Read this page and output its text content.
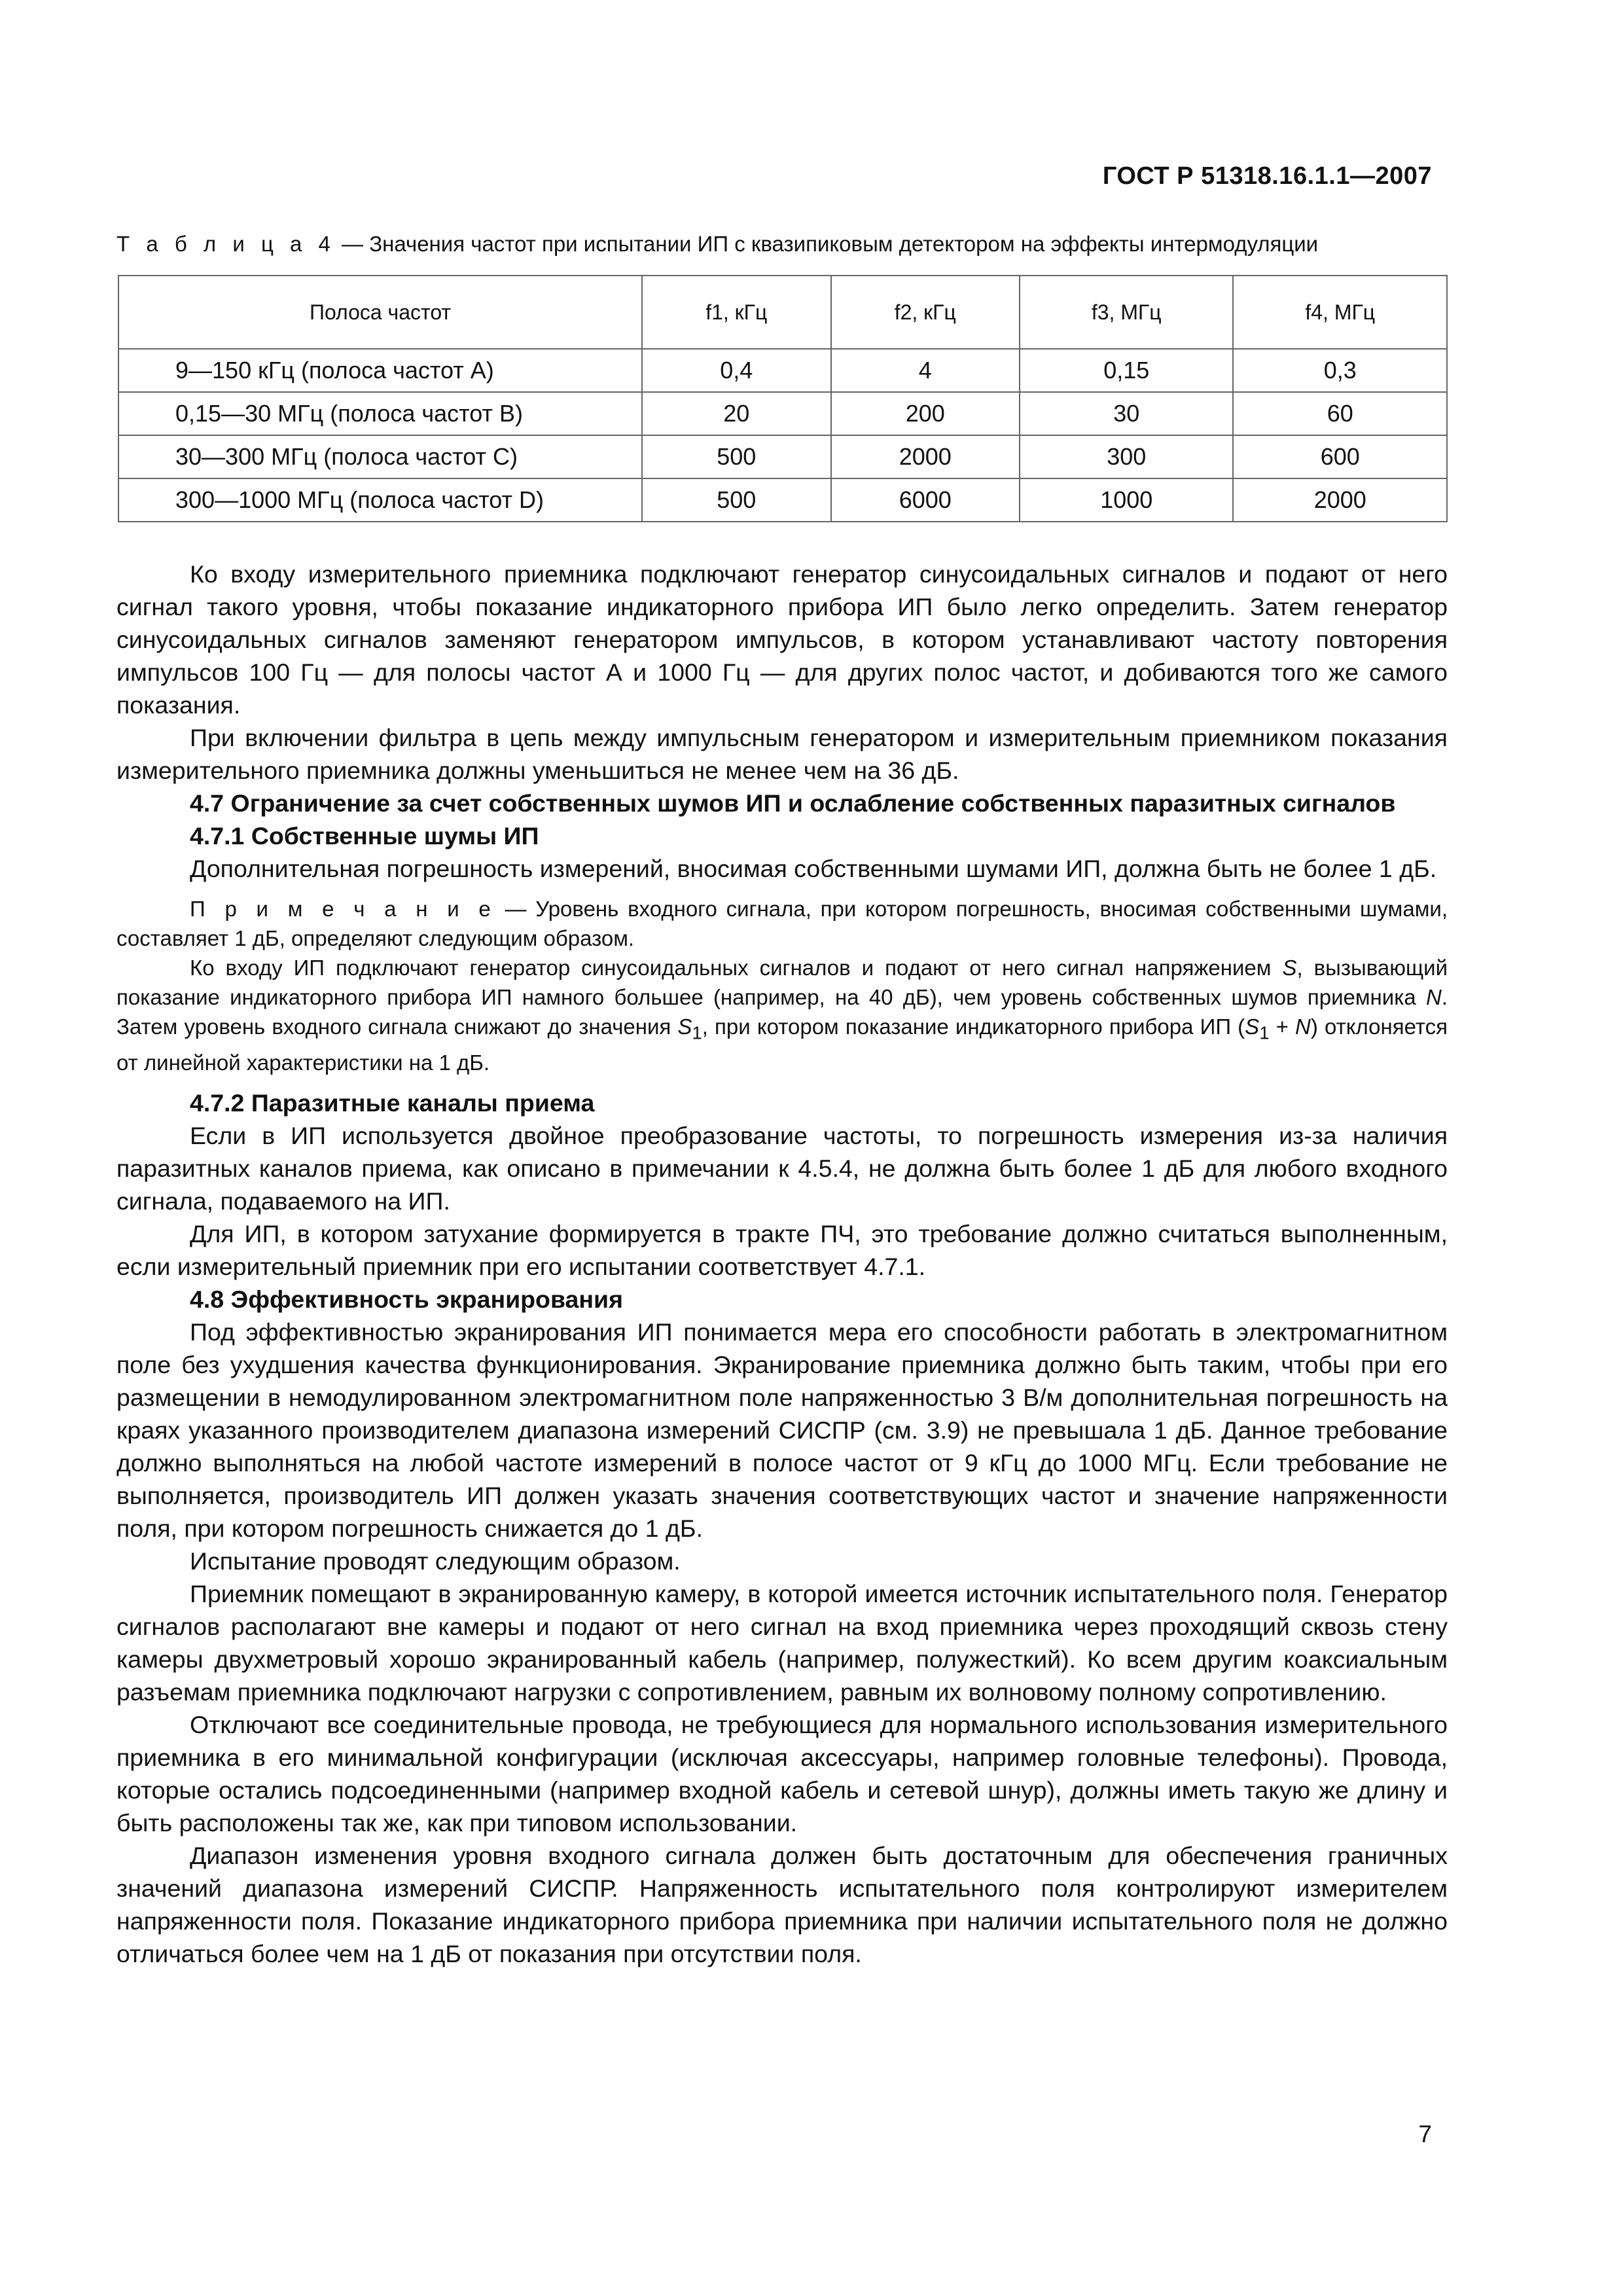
ГОСТ Р 51318.16.1.1—2007
Т а б л и ц а 4 — Значения частот при испытании ИП с квазипиковым детектором на эффекты интермодуляции
Полоса частот	f1, кГц	f2, кГц	f3, МГц	f4, МГц
9—150 кГц (полоса частот А)	0,4	4	0,15	0,3
0,15—30 МГц (полоса частот В)	20	200	30	60
30—300 МГц (полоса частот С)	500	2000	300	600
300—1000 МГц (полоса частот D)	500	6000	1000	2000

Ко входу измерительного приемника подключают генератор синусоидальных сигналов и подают от него сигнал такого уровня, чтобы показание индикаторного прибора ИП было легко определить. Затем генератор синусоидальных сигналов заменяют генератором импульсов, в котором устанавливают частоту повторения импульсов 100 Гц — для полосы частот А и 1000 Гц — для других полос частот, и добиваются того же самого показания.

При включении фильтра в цепь между импульсным генератором и измерительным приемником показания измерительного приемника должны уменьшиться не менее чем на 36 дБ.

4.7 Ограничение за счет собственных шумов ИП и ослабление собственных паразитных сигналов
4.7.1 Собственные шумы ИП

Дополнительная погрешность измерений, вносимая собственными шумами ИП, должна быть не более 1 дБ.

П р и м е ч а н и е — Уровень входного сигнала, при котором погрешность, вносимая собственными шумами, составляет 1 дБ, определяют следующим образом.

Ко входу ИП подключают генератор синусоидальных сигналов и подают от него сигнал напряжением S, вызывающий показание индикаторного прибора ИП намного большее (например, на 40 дБ), чем уровень собственных шумов приемника N. Затем уровень входного сигнала снижают до значения $S_1$, при котором показание индикаторного прибора ИП $(S_1 + N)$ отклоняется от линейной характеристики на 1 дБ.

4.7.2 Паразитные каналы приема

Если в ИП используется двойное преобразование частоты, то погрешность измерения из-за наличия паразитных каналов приема, как описано в примечании к 4.5.4, не должна быть более 1 дБ для любого входного сигнала, подаваемого на ИП.

Для ИП, в котором затухание формируется в тракте ПЧ, это требование должно считаться выполненным, если измерительный приемник при его испытании соответствует 4.7.1.

4.8 Эффективность экранирования

Под эффективностью экранирования ИП понимается мера его способности работать в электромагнитном поле без ухудшения качества функционирования. Экранирование приемника должно быть таким, чтобы при его размещении в немодулированном электромагнитном поле напряженностью 3 В/м дополнительная погрешность на краях указанного производителем диапазона измерений СИСПР (см. 3.9) не превышала 1 дБ. Данное требование должно выполняться на любой частоте измерений в полосе частот от 9 кГц до 1000 МГц. Если требование не выполняется, производитель ИП должен указать значения соответствующих частот и значение напряженности поля, при котором погрешность снижается до 1 дБ.

Испытание проводят следующим образом.

Приемник помещают в экранированную камеру, в которой имеется источник испытательного поля. Генератор сигналов располагают вне камеры и подают от него сигнал на вход приемника через проходящий сквозь стену камеры двухметровый хорошо экранированный кабель (например, полужесткий). Ко всем другим коаксиальным разъемам приемника подключают нагрузки с сопротивлением, равным их волновому полному сопротивлению.

Отключают все соединительные провода, не требующиеся для нормального использования измерительного приемника в его минимальной конфигурации (исключая аксессуары, например головные телефоны). Провода, которые остались подсоединенными (например входной кабель и сетевой шнур), должны иметь такую же длину и быть расположены так же, как при типовом использовании.

Диапазон изменения уровня входного сигнала должен быть достаточным для обеспечения граничных значений диапазона измерений СИСПР. Напряженность испытательного поля контролируют измерителем напряженности поля. Показание индикаторного прибора приемника при наличии испытательного поля не должно отличаться более чем на 1 дБ от показания при отсутствии поля.

7
